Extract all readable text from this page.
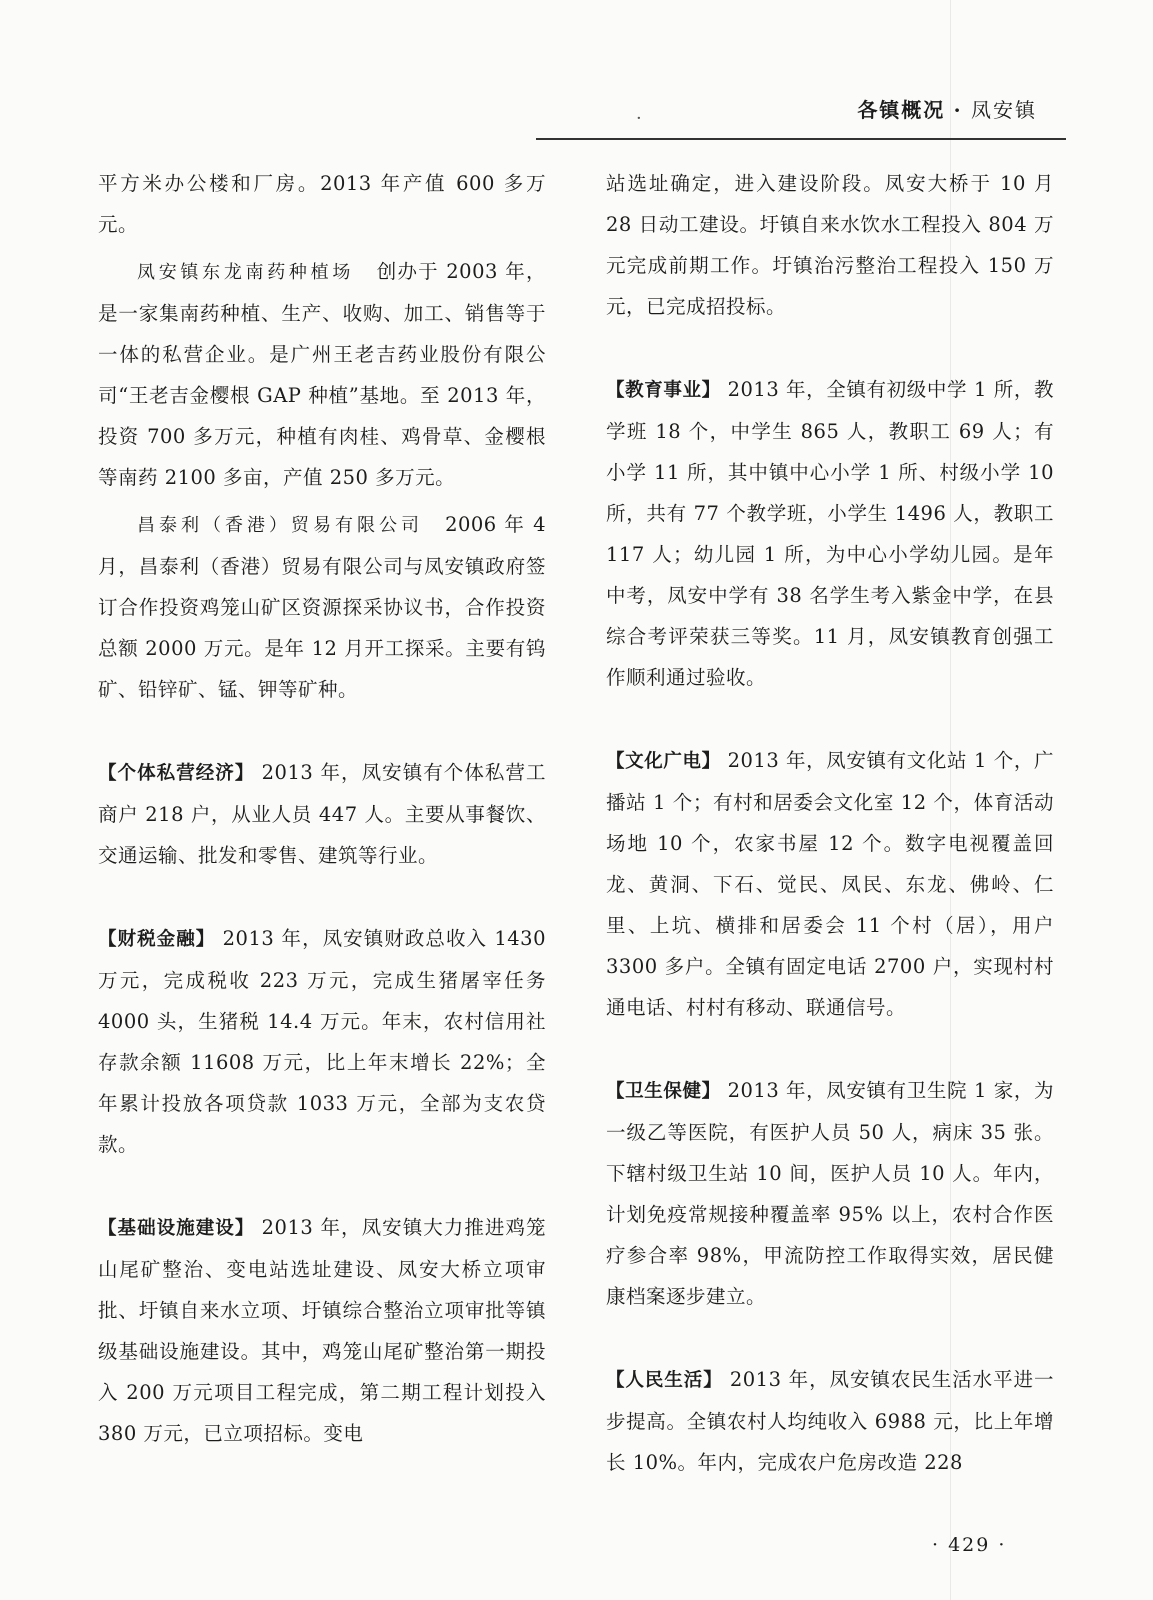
·	各镇概况 · 凤安镇

平方米办公楼和厂房。2013 年产值 600 多万元。

凤安镇东龙南药种植场 创办于 2003 年，是一家集南药种植、生产、收购、加工、销售等于一体的私营企业。是广州王老吉药业股份有限公司“王老吉金樱根 GAP 种植”基地。至 2013 年，投资 700 多万元，种植有肉桂、鸡骨草、金樱根等南药 2100 多亩，产值 250 多万元。

昌泰利（香港）贸易有限公司 2006 年 4 月，昌泰利（香港）贸易有限公司与凤安镇政府签订合作投资鸡笼山矿区资源探采协议书，合作投资总额 2000 万元。是年 12 月开工探采。主要有钨矿、铅锌矿、锰、钾等矿种。

【个体私营经济】 2013 年，凤安镇有个体私营工商户 218 户，从业人员 447 人。主要从事餐饮、交通运输、批发和零售、建筑等行业。

【财税金融】 2013 年，凤安镇财政总收入 1430 万元，完成税收 223 万元，完成生猪屠宰任务 4000 头，生猪税 14.4 万元。年末，农村信用社存款余额 11608 万元，比上年末增长 22%；全年累计投放各项贷款 1033 万元，全部为支农贷款。

【基础设施建设】 2013 年，凤安镇大力推进鸡笼山尾矿整治、变电站选址建设、凤安大桥立项审批、圩镇自来水立项、圩镇综合整治立项审批等镇级基础设施建设。其中，鸡笼山尾矿整治第一期投入 200 万元项目工程完成，第二期工程计划投入 380 万元，已立项招标。变电

站选址确定，进入建设阶段。凤安大桥于 10 月 28 日动工建设。圩镇自来水饮水工程投入 804 万元完成前期工作。圩镇治污整治工程投入 150 万元，已完成招投标。

【教育事业】 2013 年，全镇有初级中学 1 所，教学班 18 个，中学生 865 人，教职工 69 人；有小学 11 所，其中镇中心小学 1 所、村级小学 10 所，共有 77 个教学班，小学生 1496 人，教职工 117 人；幼儿园 1 所，为中心小学幼儿园。是年中考，凤安中学有 38 名学生考入紫金中学，在县综合考评荣获三等奖。11 月，凤安镇教育创强工作顺利通过验收。

【文化广电】 2013 年，凤安镇有文化站 1 个，广播站 1 个；有村和居委会文化室 12 个，体育活动场地 10 个，农家书屋 12 个。数字电视覆盖回龙、黄洞、下石、觉民、凤民、东龙、佛岭、仁里、上坑、横排和居委会 11 个村（居），用户 3300 多户。全镇有固定电话 2700 户，实现村村通电话、村村有移动、联通信号。

【卫生保健】 2013 年，凤安镇有卫生院 1 家，为一级乙等医院，有医护人员 50 人，病床 35 张。下辖村级卫生站 10 间，医护人员 10 人。年内，计划免疫常规接种覆盖率 95% 以上，农村合作医疗参合率 98%，甲流防控工作取得实效，居民健康档案逐步建立。

【人民生活】 2013 年，凤安镇农民生活水平进一步提高。全镇农村人均纯收入 6988 元，比上年增长 10%。年内，完成农户危房改造 228

· 429 ·
